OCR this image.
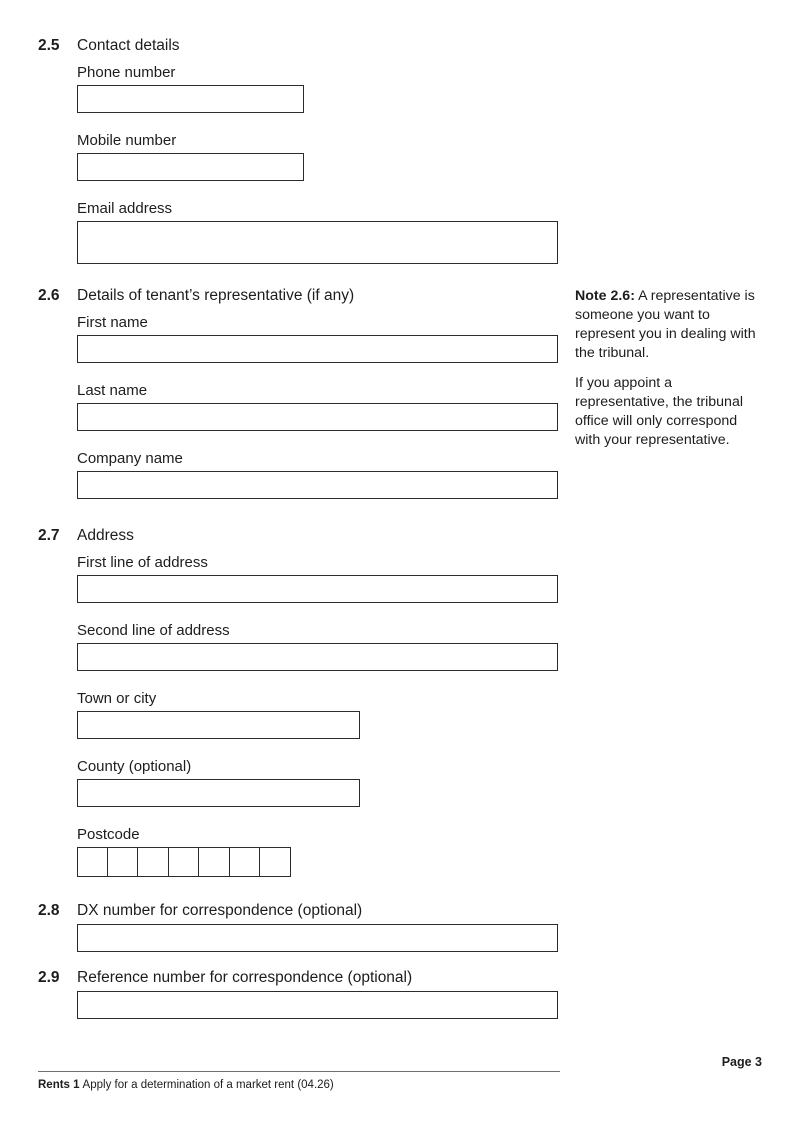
2.5 Contact details
Phone number
Mobile number
Email address
2.6 Details of tenant’s representative (if any)
First name
Last name
Company name

Note 2.6: A representative is someone you want to represent you in dealing with the tribunal.

If you appoint a representative, the tribunal office will only correspond with your representative.

2.7 Address
First line of address
Second line of address
Town or city
County (optional)
Postcode
2.8 DX number for correspondence (optional)
2.9 Reference number for correspondence (optional)
Page 3
Rents 1 Apply for a determination of a market rent (04.26)
